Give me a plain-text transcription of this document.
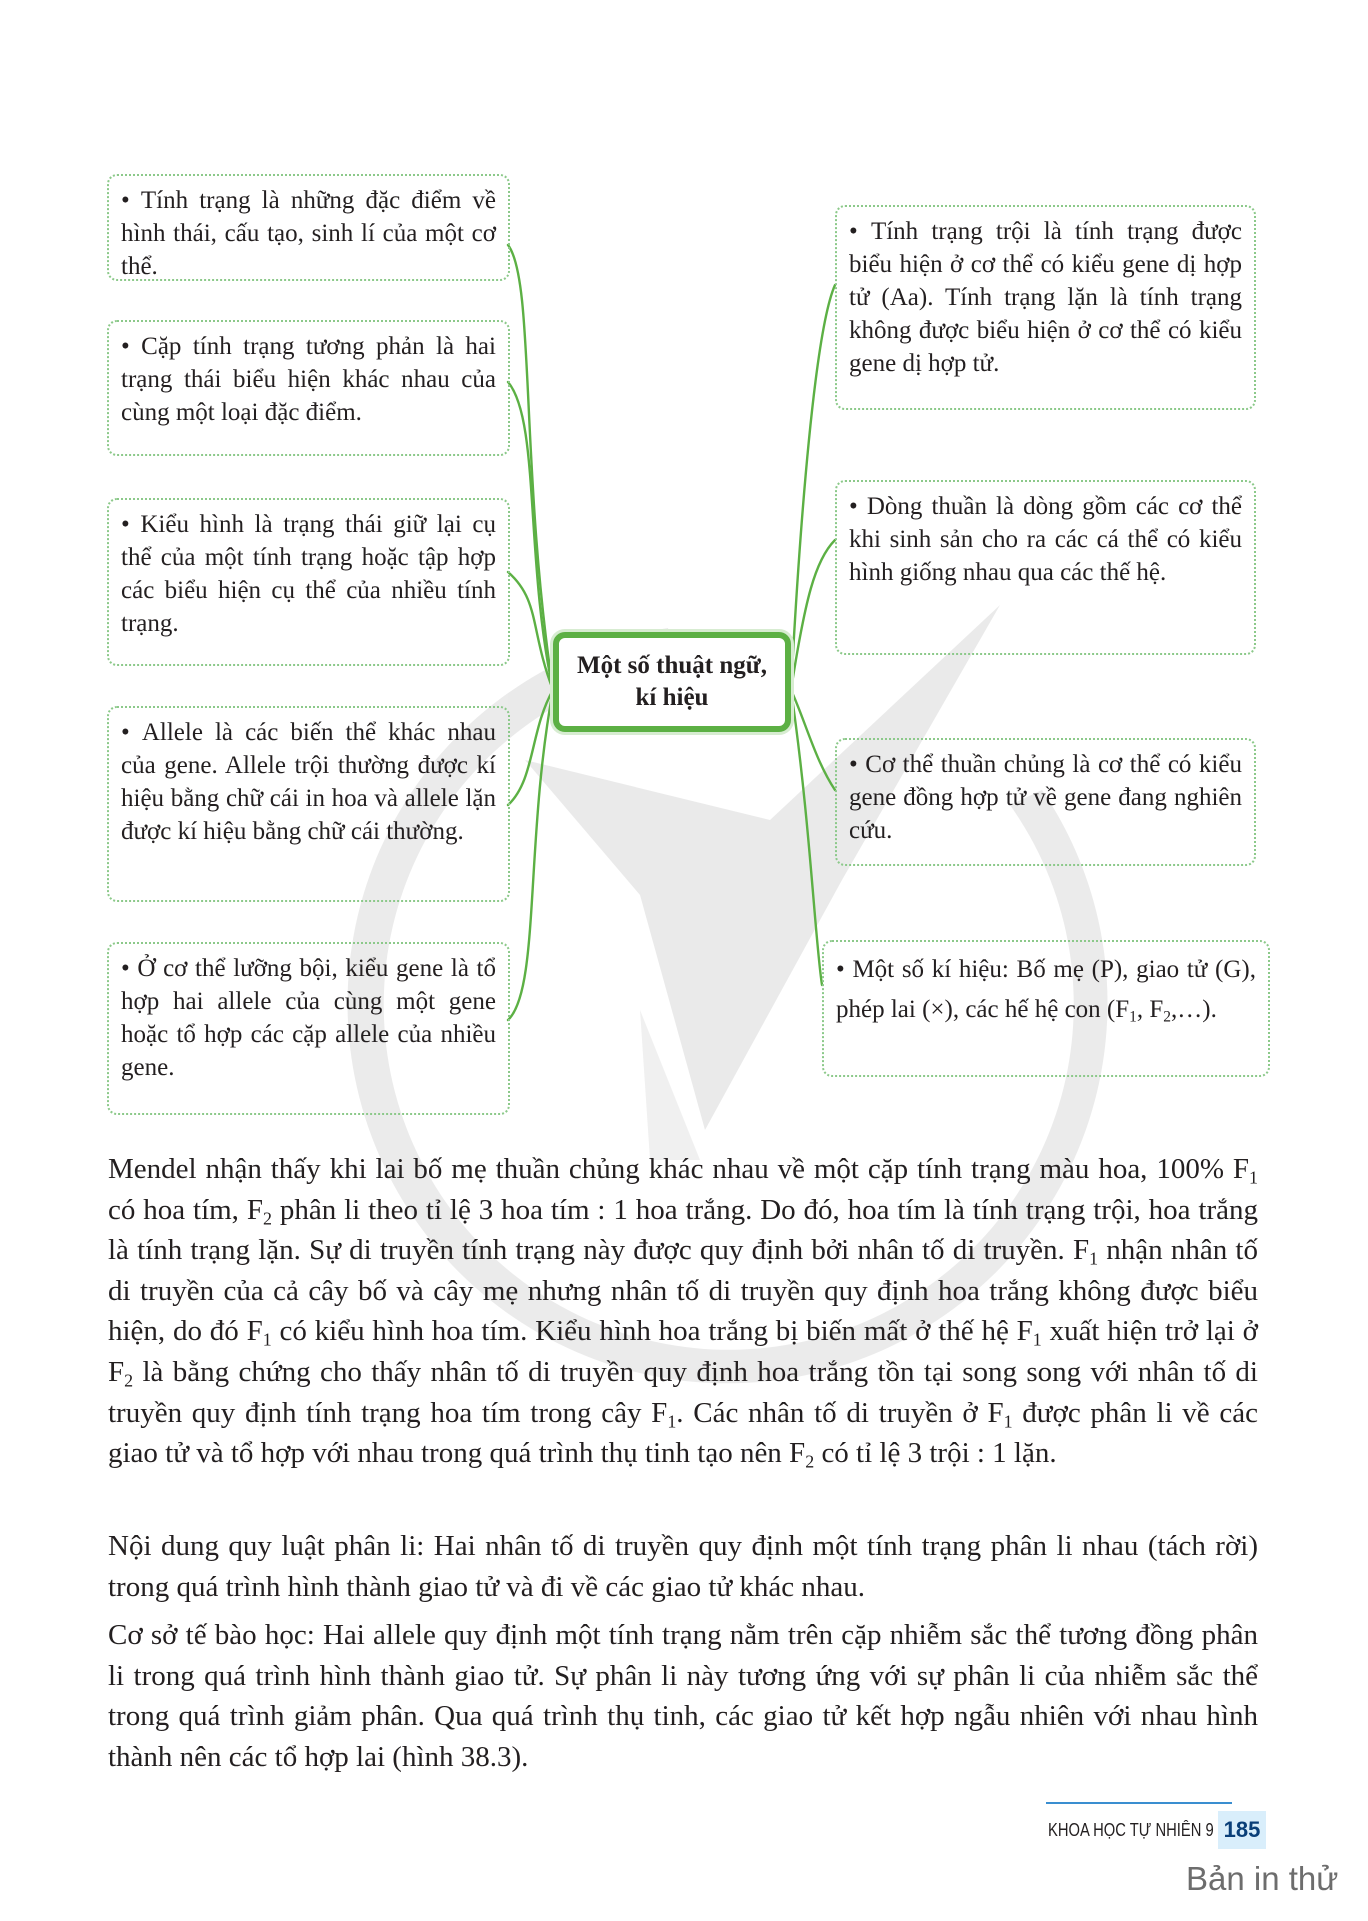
• Tính trạng là những đặc điểm về hình thái, cấu tạo, sinh lí của một cơ thể.
• Cặp tính trạng tương phản là hai trạng thái biểu hiện khác nhau của cùng một loại đặc điểm.
• Kiểu hình là trạng thái giữ lại cụ thể của một tính trạng hoặc tập hợp các biểu hiện cụ thể của nhiều tính trạng.
• Allele là các biến thể khác nhau của gene. Allele trội thường được kí hiệu bằng chữ cái in hoa và allele lặn được kí hiệu bằng chữ cái thường.
• Ở cơ thể lưỡng bội, kiểu gene là tổ hợp hai allele của cùng một gene hoặc tổ hợp các cặp allele của nhiều gene.
Một số thuật ngữ, kí hiệu
• Tính trạng trội là tính trạng được biểu hiện ở cơ thể có kiểu gene dị hợp tử (Aa). Tính trạng lặn là tính trạng không được biểu hiện ở cơ thể có kiểu gene dị hợp tử.
• Dòng thuần là dòng gồm các cơ thể khi sinh sản cho ra các cá thể có kiểu hình giống nhau qua các thế hệ.
• Cơ thể thuần chủng là cơ thể có kiểu gene đồng hợp tử về gene đang nghiên cứu.
• Một số kí hiệu: Bố mẹ (P), giao tử (G), phép lai (×), các hế hệ con ($F_1$, $F_2,\dots$).

Mendel nhận thấy khi lai bố mẹ thuần chủng khác nhau về một cặp tính trạng màu hoa, 100% $F_1$ có hoa tím, $F_2$ phân li theo tỉ lệ 3 hoa tím : 1 hoa trắng. Do đó, hoa tím là tính trạng trội, hoa trắng là tính trạng lặn. Sự di truyền tính trạng này được quy định bởi nhân tố di truyền. $F_1$ nhận nhân tố di truyền của cả cây bố và cây mẹ nhưng nhân tố di truyền quy định hoa trắng không được biểu hiện, do đó $F_1$ có kiểu hình hoa tím. Kiểu hình hoa trắng bị biến mất ở thế hệ $F_1$ xuất hiện trở lại ở $F_2$ là bằng chứng cho thấy nhân tố di truyền quy định hoa trắng tồn tại song song với nhân tố di truyền quy định tính trạng hoa tím trong cây $F_1$. Các nhân tố di truyền ở $F_1$ được phân li về các giao tử và tổ hợp với nhau trong quá trình thụ tinh tạo nên $F_2$ có tỉ lệ 3 trội : 1 lặn.

Nội dung quy luật phân li: Hai nhân tố di truyền quy định một tính trạng phân li nhau (tách rời) trong quá trình hình thành giao tử và đi về các giao tử khác nhau.

Cơ sở tế bào học: Hai allele quy định một tính trạng nằm trên cặp nhiễm sắc thể tương đồng phân li trong quá trình hình thành giao tử. Sự phân li này tương ứng với sự phân li của nhiễm sắc thể trong quá trình giảm phân. Qua quá trình thụ tinh, các giao tử kết hợp ngẫu nhiên với nhau hình thành nên các tổ hợp lai (hình 38.3).

KHOA HỌC TỰ NHIÊN 9 185
Bản in thử
